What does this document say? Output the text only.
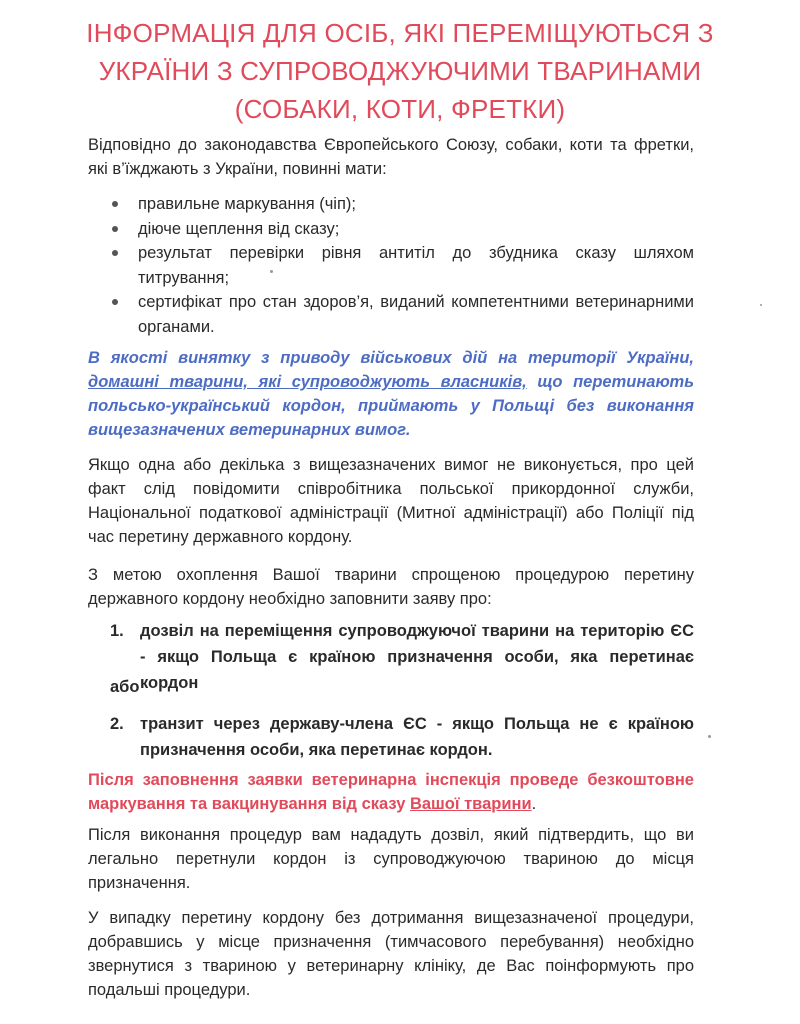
ІНФОРМАЦІЯ ДЛЯ ОСІБ, ЯКІ ПЕРЕМІЩУЮТЬСЯ З
УКРАЇНИ З СУПРОВОДЖУЮЧИМИ ТВАРИНАМИ
(СОБАКИ, КОТИ, ФРЕТКИ)
Відповідно до законодавства Європейського Союзу, собаки, коти та фретки, які в’їжджають з України, повинні мати:
правильне маркування (чіп);
діюче щеплення від сказу;
результат перевірки рівня антитіл до збудника сказу шляхом титрування;
сертифікат про стан здоров’я, виданий компетентними ветеринарними органами.
В якості винятку з приводу військових дій на території України, домашні тварини, які супроводжують власників, що перетинають польсько-український кордон, приймають у Польщі без виконання вищезазначених ветеринарних вимог.
Якщо одна або декілька з вищезазначених вимог не виконується, про цей факт слід повідомити співробітника польської прикордонної служби, Національної податкової адміністрації (Митної адміністрації) або Поліції під час перетину державного кордону.
З метою охоплення Вашої тварини спрощеною процедурою перетину державного кордону необхідно заповнити заяву про:
1. дозвіл на переміщення супроводжуючої тварини на територію ЄС - якщо Польща є країною призначення особи, яка перетинає кордон
або
2. транзит через державу-члена ЄС - якщо Польща не є країною призначення особи, яка перетинає кордон.
Після заповнення заявки ветеринарна інспекція проведе безкоштовне маркування та вакцинування від сказу Вашої тварини.
Після виконання процедур вам нададуть дозвіл, який підтвердить, що ви легально перетнули кордон із супроводжуючою твариною до місця призначення.
У випадку перетину кордону без дотримання вищезазначеної процедури, добравшись у місце призначення (тимчасового перебування) необхідно звернутися з твариною у ветеринарну клініку, де Вас поінформують про подальші процедури.
